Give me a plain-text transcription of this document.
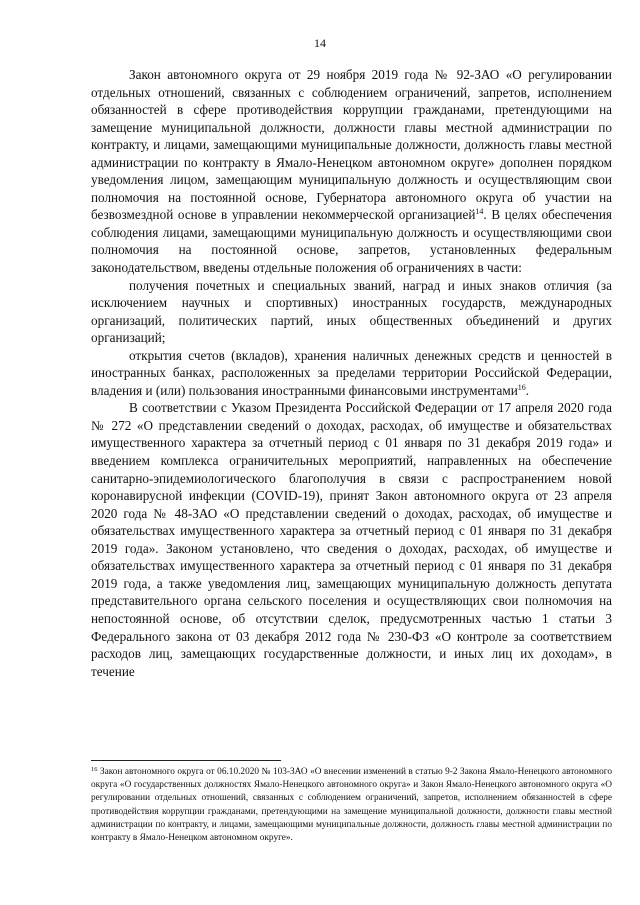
14

Закон автономного округа от 29 ноября 2019 года № 92-ЗАО «О регулировании отдельных отношений, связанных с соблюдением ограничений, запретов, исполнением обязанностей в сфере противодействия коррупции гражданами, претендующими на замещение муниципальной должности, должности главы местной администрации по контракту, и лицами, замещающими муниципальные должности, должность главы местной администрации по контракту в Ямало-Ненецком автономном округе» дополнен порядком уведомления лицом, замещающим муниципальную должность и осуществляющим свои полномочия на постоянной основе, Губернатора автономного округа об участии на безвозмездной основе в управлении некоммерческой организацией$^{14}$. В целях обеспечения соблюдения лицами, замещающими муниципальную должность и осуществляющими свои полномочия на постоянной основе, запретов, установленных федеральным законодательством, введены отдельные положения об ограничениях в части:

получения почетных и специальных званий, наград и иных знаков отличия (за исключением научных и спортивных) иностранных государств, международных организаций, политических партий, иных общественных объединений и других организаций;

открытия счетов (вкладов), хранения наличных денежных средств и ценностей в иностранных банках, расположенных за пределами территории Российской Федерации, владения и (или) пользования иностранными финансовыми инструментами$^{16}$.

В соответствии с Указом Президента Российской Федерации от 17 апреля 2020 года № 272 «О представлении сведений о доходах, расходах, об имуществе и обязательствах имущественного характера за отчетный период с 01 января по 31 декабря 2019 года» и введением комплекса ограничительных мероприятий, направленных на обеспечение санитарно-эпидемиологического благополучия в связи с распространением новой коронавирусной инфекции (COVID-19), принят Закон автономного округа от 23 апреля 2020 года № 48-ЗАО «О представлении сведений о доходах, расходах, об имуществе и обязательствах имущественного характера за отчетный период с 01 января по 31 декабря 2019 года». Законом установлено, что сведения о доходах, расходах, об имуществе и обязательствах имущественного характера за отчетный период с 01 января по 31 декабря 2019 года, а также уведомления лиц, замещающих муниципальную должность депутата представительного органа сельского поселения и осуществляющих свои полномочия на непостоянной основе, об отсутствии сделок, предусмотренных частью 1 статьи 3 Федерального закона от 03 декабря 2012 года № 230-ФЗ «О контроле за соответствием расходов лиц, замещающих государственные должности, и иных лиц их доходам», в течение

$^{16}$ Закон автономного округа от 06.10.2020 № 103-ЗАО «О внесении изменений в статью 9-2 Закона Ямало-Ненецкого автономного округа «О государственных должностях Ямало-Ненецкого автономного округа» и Закон Ямало-Ненецкого автономного округа «О регулировании отдельных отношений, связанных с соблюдением ограничений, запретов, исполнением обязанностей в сфере противодействия коррупции гражданами, претендующими на замещение муниципальной должности, должности главы местной администрации по контракту, и лицами, замещающими муниципальные должности, должность главы местной администрации по контракту в Ямало-Ненецком автономном округе».
